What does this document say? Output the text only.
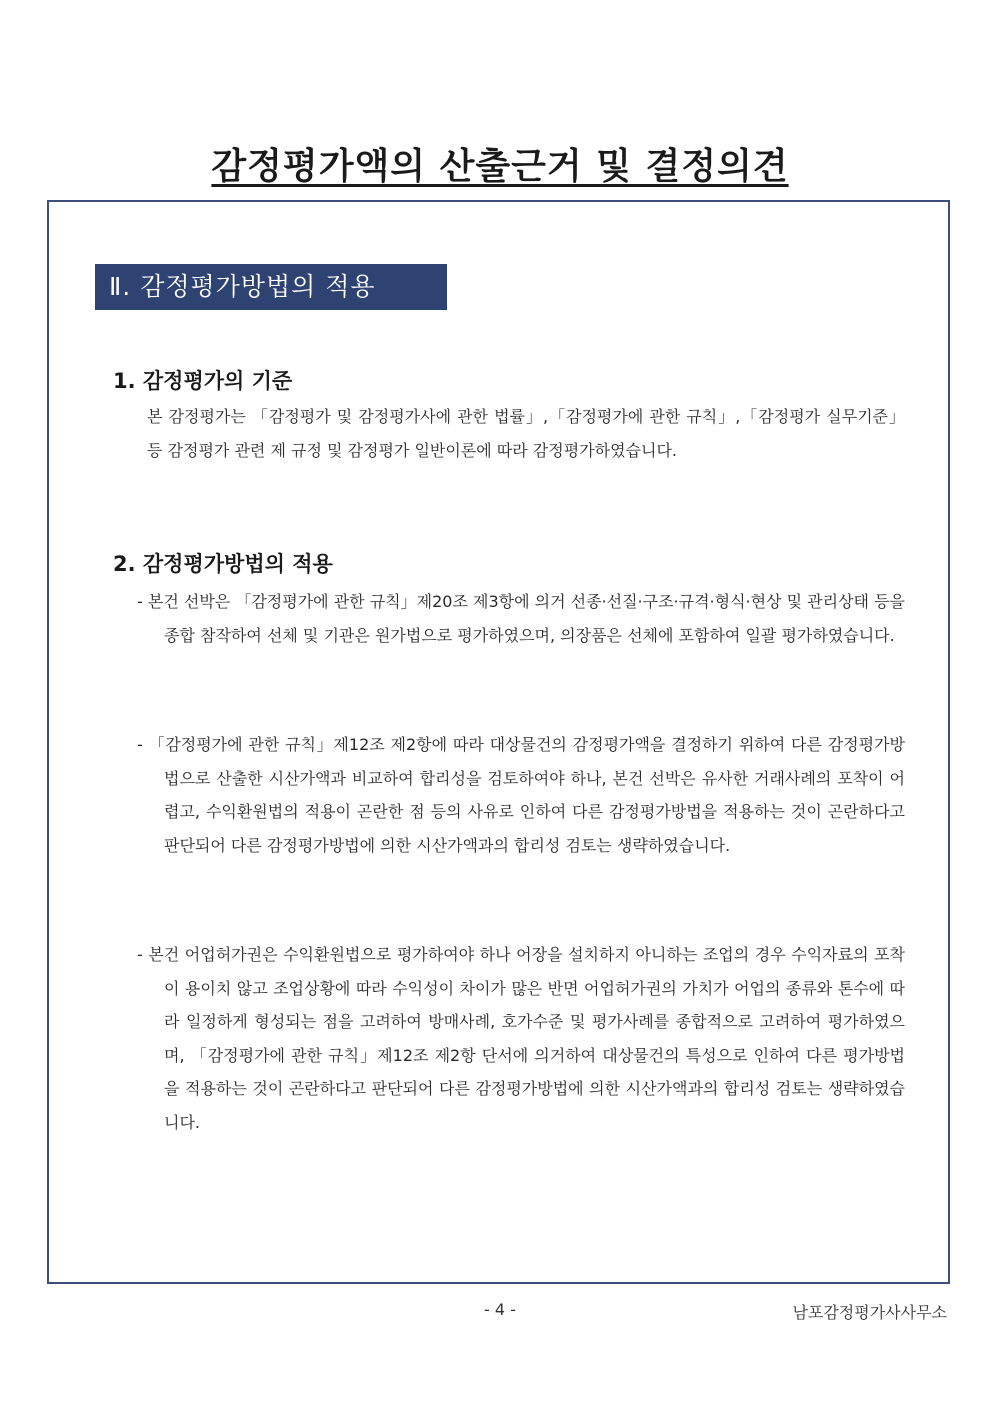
감정평가액의 산출근거 및 결정의견
Ⅱ. 감정평가방법의 적용
1. 감정평가의 기준
본 감정평가는 「감정평가 및 감정평가사에 관한 법률」,「감정평가에 관한 규칙」,「감정평가 실무기준」 등 감정평가 관련 제 규정 및 감정평가 일반이론에 따라 감정평가하였습니다.
2. 감정평가방법의 적용
- 본건 선박은 「감정평가에 관한 규칙」제20조 제3항에 의거 선종·선질·구조·규격·형식·현상 및 관리상태 등을 종합 참작하여 선체 및 기관은 원가법으로 평가하였으며, 의장품은 선체에 포함하여 일괄 평가하였습니다.
- 「감정평가에 관한 규칙」제12조 제2항에 따라 대상물건의 감정평가액을 결정하기 위하여 다른 감정평가방법으로 산출한 시산가액과 비교하여 합리성을 검토하여야 하나, 본건 선박은 유사한 거래사례의 포착이 어렵고, 수익환원법의 적용이 곤란한 점 등의 사유로 인하여 다른 감정평가방법을 적용하는 것이 곤란하다고 판단되어 다른 감정평가방법에 의한 시산가액과의 합리성 검토는 생략하였습니다.
- 본건 어업허가권은 수익환원법으로 평가하여야 하나 어장을 설치하지 아니하는 조업의 경우 수익자료의 포착이 용이치 않고 조업상황에 따라 수익성이 차이가 많은 반면 어업허가권의 가치가 어업의 종류와 톤수에 따라 일정하게 형성되는 점을 고려하여 방매사례, 호가수준 및 평가사례를 종합적으로 고려하여 평가하였으며, 「감정평가에 관한 규칙」제12조 제2항 단서에 의거하여 대상물건의 특성으로 인하여 다른 평가방법을 적용하는 것이 곤란하다고 판단되어 다른 감정평가방법에 의한 시산가액과의 합리성 검토는 생략하였습니다.
- 4 -	남포감정평가사사무소
